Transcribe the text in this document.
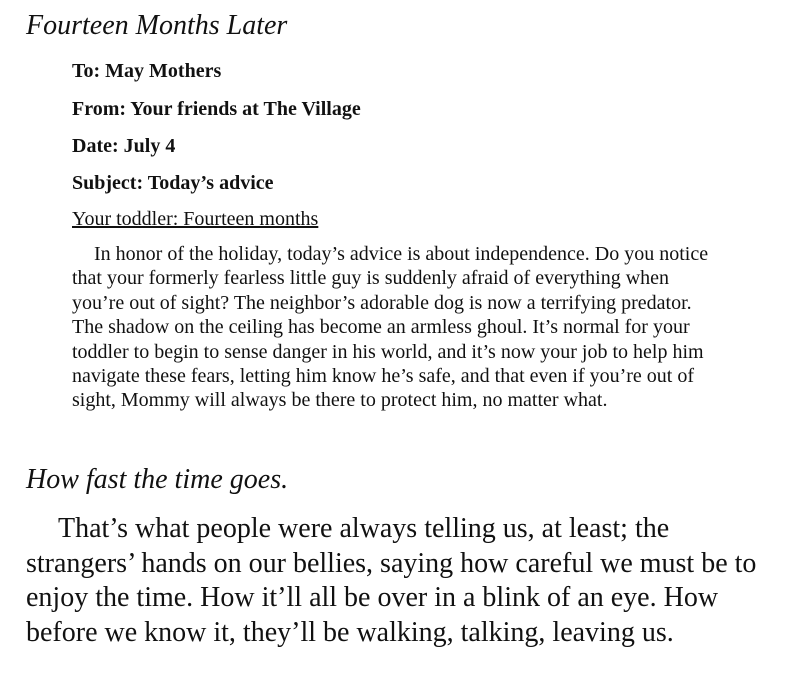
Fourteen Months Later
To: May Mothers
From: Your friends at The Village
Date: July 4
Subject: Today’s advice
Your toddler: Fourteen months

In honor of the holiday, today’s advice is about independence. Do you notice that your formerly fearless little guy is suddenly afraid of everything when you’re out of sight? The neighbor’s adorable dog is now a terrifying predator. The shadow on the ceiling has become an armless ghoul. It’s normal for your toddler to begin to sense danger in his world, and it’s now your job to help him navigate these fears, letting him know he’s safe, and that even if you’re out of sight, Mommy will always be there to protect him, no matter what.

How fast the time goes.

That’s what people were always telling us, at least; the strangers’ hands on our bellies, saying how careful we must be to enjoy the time. How it’ll all be over in a blink of an eye. How before we know it, they’ll be walking, talking, leaving us.
